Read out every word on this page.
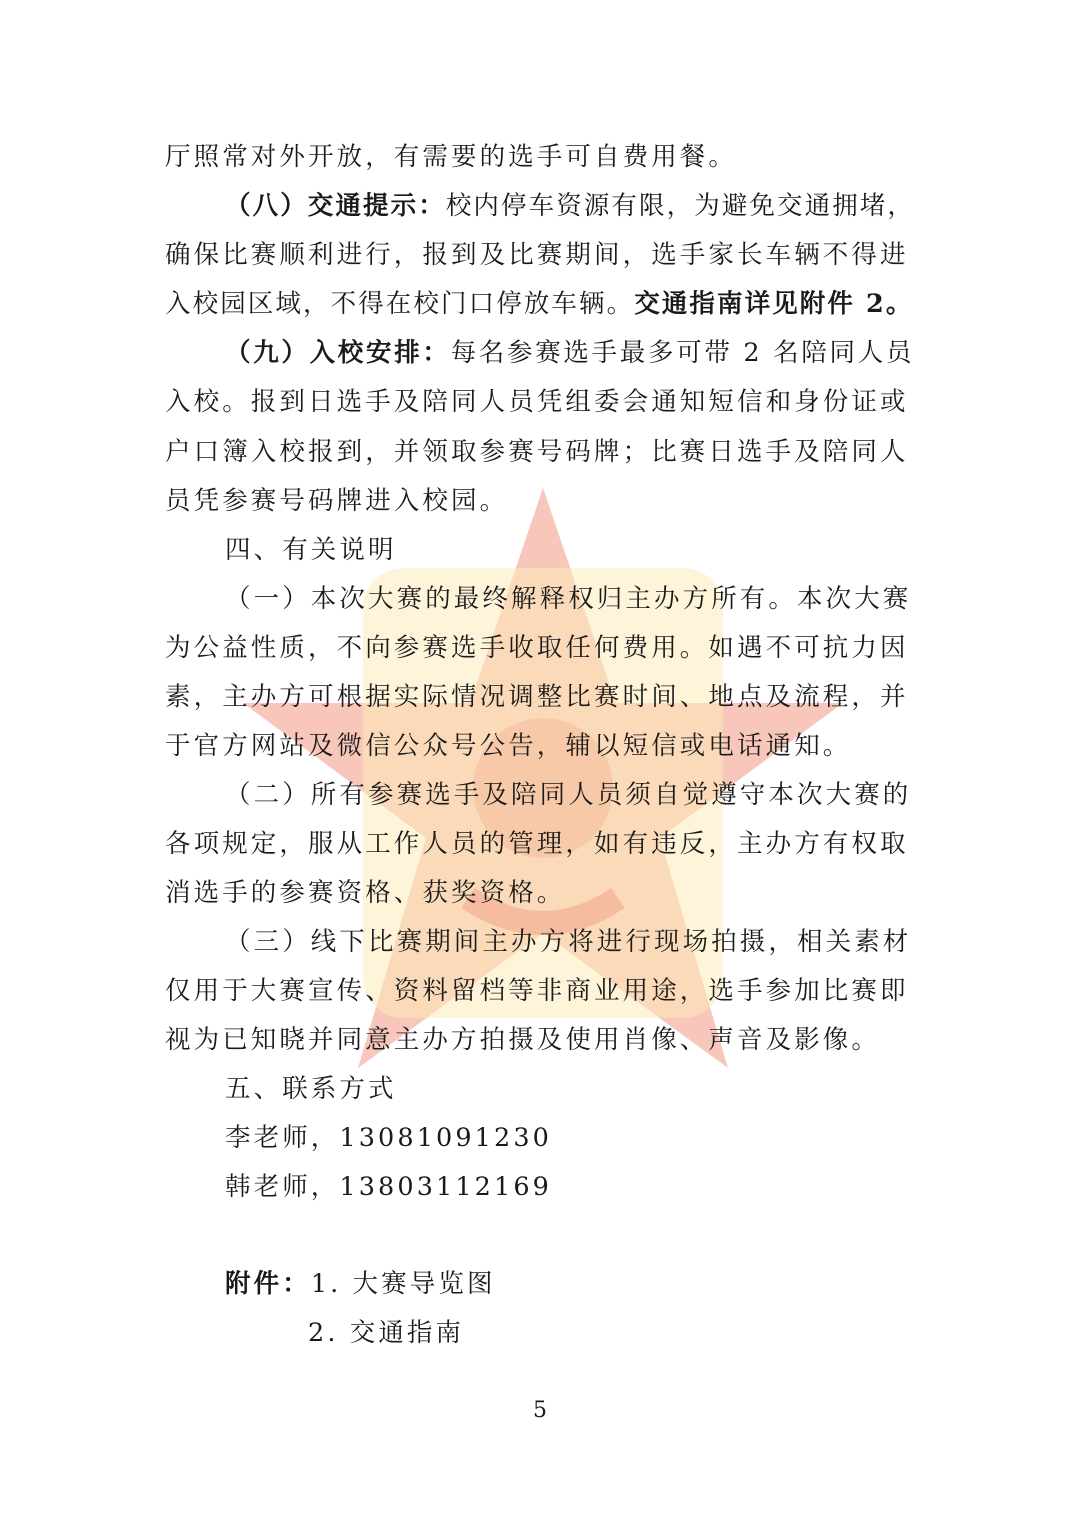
厅照常对外开放，有需要的选手可自费用餐。
（八）交通提示：校内停车资源有限，为避免交通拥堵，
确保比赛顺利进行，报到及比赛期间，选手家长车辆不得进
入校园区域，不得在校门口停放车辆。交通指南详见附件 2。
（九）入校安排：每名参赛选手最多可带 2 名陪同人员
入校。报到日选手及陪同人员凭组委会通知短信和身份证或
户口簿入校报到，并领取参赛号码牌；比赛日选手及陪同人
员凭参赛号码牌进入校园。
四、有关说明
（一）本次大赛的最终解释权归主办方所有。本次大赛
为公益性质，不向参赛选手收取任何费用。如遇不可抗力因
素，主办方可根据实际情况调整比赛时间、地点及流程，并
于官方网站及微信公众号公告，辅以短信或电话通知。
（二）所有参赛选手及陪同人员须自觉遵守本次大赛的
各项规定，服从工作人员的管理，如有违反，主办方有权取
消选手的参赛资格、获奖资格。
（三）线下比赛期间主办方将进行现场拍摄，相关素材
仅用于大赛宣传、资料留档等非商业用途，选手参加比赛即
视为已知晓并同意主办方拍摄及使用肖像、声音及影像。
五、联系方式
李老师，13081091230
韩老师，13803112169
附件：1. 大赛导览图
2. 交通指南
5
